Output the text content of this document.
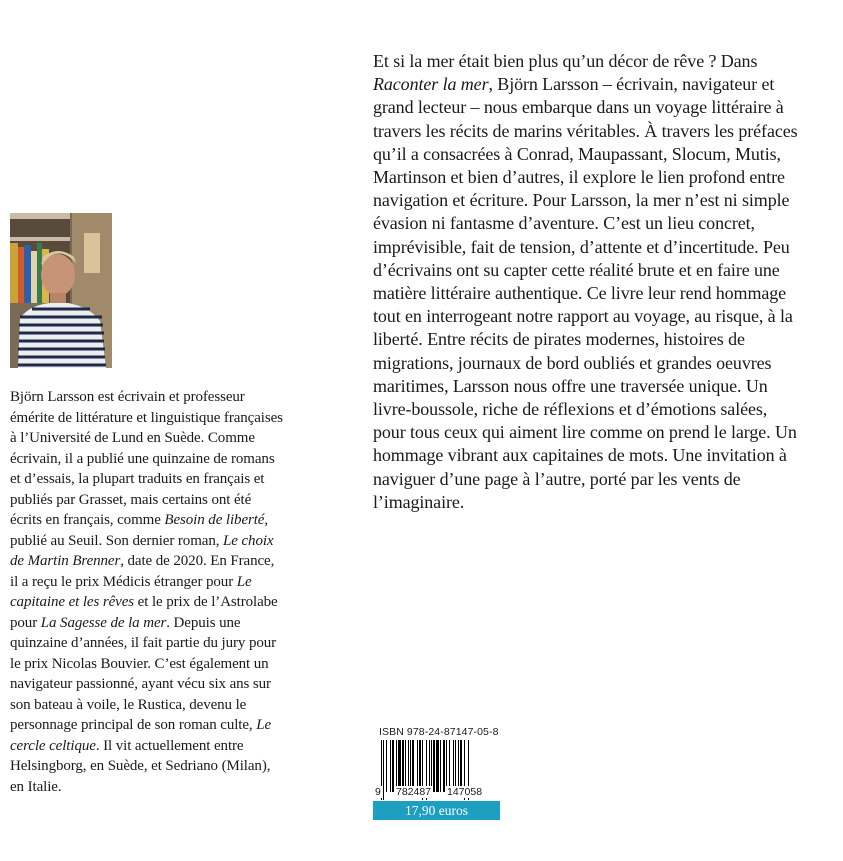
Björn Larsson est écrivain et professeur émérite de littérature et linguistique françaises à l’Université de Lund en Suède. Comme écrivain, il a publié une quinzaine de romans et d’essais, la plupart traduits en français et publiés par Grasset, mais certains ont été écrits en français, comme Besoin de liberté, publié au Seuil. Son dernier roman, Le choix de Martin Brenner, date de 2020. En France, il a reçu le prix Médicis étranger pour Le capitaine et les rêves et le prix de l’Astrolabe pour La Sagesse de la mer. Depuis une quinzaine d’années, il fait partie du jury pour le prix Nicolas Bouvier. C’est également un navigateur passionné, ayant vécu six ans sur son bateau à voile, le Rustica, devenu le personnage principal de son roman culte, Le cercle celtique. Il vit actuellement entre Helsingborg, en Suède, et Sedriano (Milan), en Italie.
Et si la mer était bien plus qu’un décor de rêve ? Dans Raconter la mer, Björn Larsson – écrivain, navigateur et grand lecteur – nous embarque dans un voyage littéraire à travers les récits de marins véritables. À travers les préfaces qu’il a consacrées à Conrad, Maupassant, Slocum, Mutis, Martinson et bien d’autres, il explore le lien profond entre navigation et écriture. Pour Larsson, la mer n’est ni simple évasion ni fantasme d’aventure. C’est un lieu concret, imprévisible, fait de tension, d’attente et d’incertitude. Peu d’écrivains ont su capter cette réalité brute et en faire une matière littéraire authentique. Ce livre leur rend hommage tout en interrogeant notre rapport au voyage, au risque, à la liberté. Entre récits de pirates modernes, histoires de migrations, journaux de bord oubliés et grandes oeuvres maritimes, Larsson nous offre une traversée unique. Un livre-boussole, riche de réflexions et d’émotions salées, pour tous ceux qui aiment lire comme on prend le large. Un hommage vibrant aux capitaines de mots. Une invitation à naviguer d’une page à l’autre, porté par les vents de l’imaginaire.
ISBN 978-24-87147-05-8
9 782487 147058
17,90 euros
